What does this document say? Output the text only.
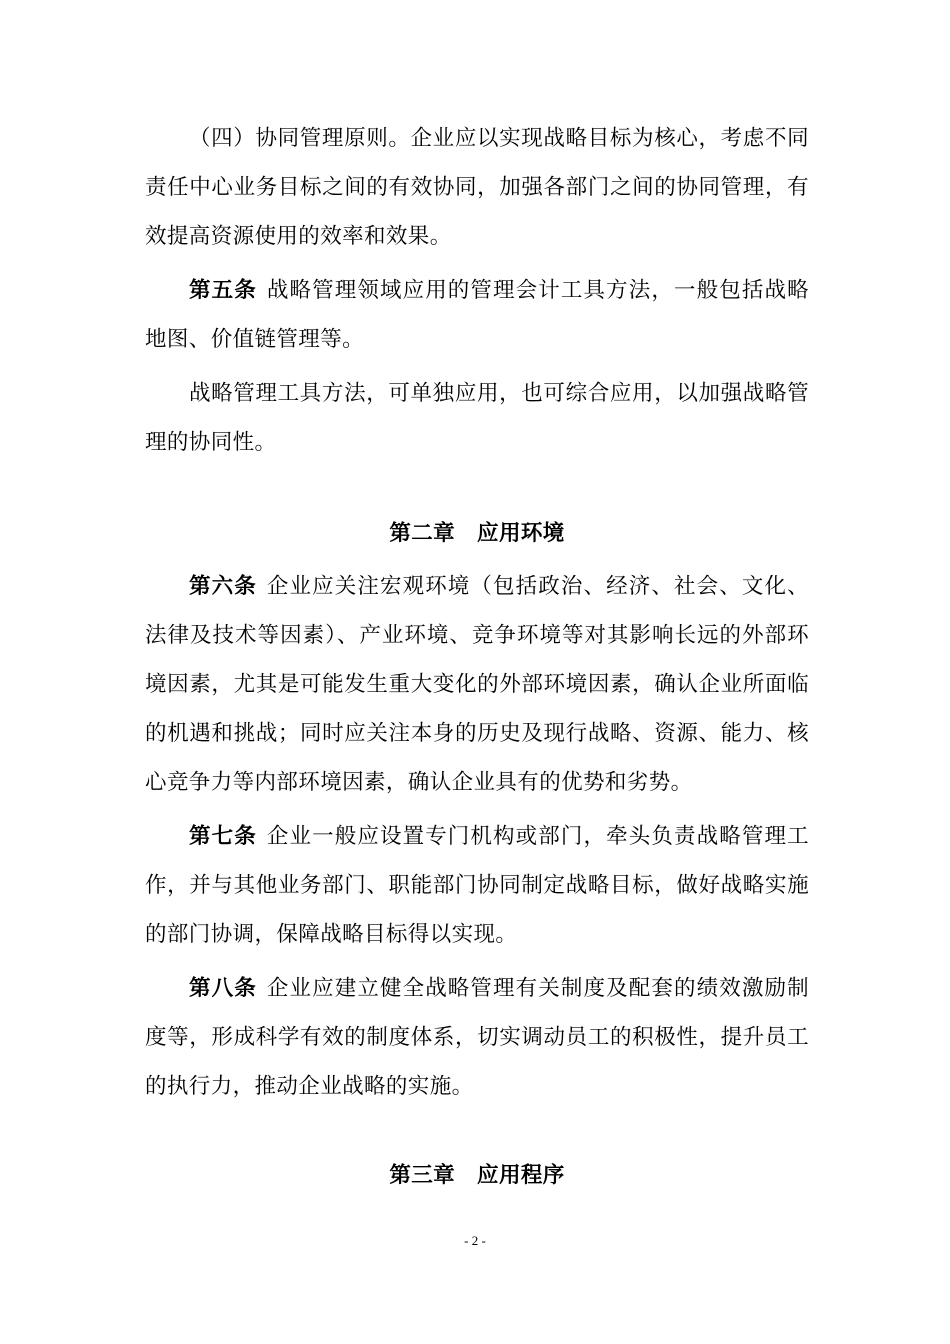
（四）协同管理原则。企业应以实现战略目标为核心，考虑不同责任中心业务目标之间的有效协同，加强各部门之间的协同管理，有效提高资源使用的效率和效果。

第五条 战略管理领域应用的管理会计工具方法，一般包括战略地图、价值链管理等。

战略管理工具方法，可单独应用，也可综合应用，以加强战略管理的协同性。

第二章 应用环境

第六条 企业应关注宏观环境（包括政治、经济、社会、文化、法律及技术等因素）、产业环境、竞争环境等对其影响长远的外部环境因素，尤其是可能发生重大变化的外部环境因素，确认企业所面临的机遇和挑战；同时应关注本身的历史及现行战略、资源、能力、核心竞争力等内部环境因素，确认企业具有的优势和劣势。

第七条 企业一般应设置专门机构或部门，牵头负责战略管理工作，并与其他业务部门、职能部门协同制定战略目标，做好战略实施的部门协调，保障战略目标得以实现。

第八条 企业应建立健全战略管理有关制度及配套的绩效激励制度等，形成科学有效的制度体系，切实调动员工的积极性，提升员工的执行力，推动企业战略的实施。

第三章 应用程序
- 2 -
